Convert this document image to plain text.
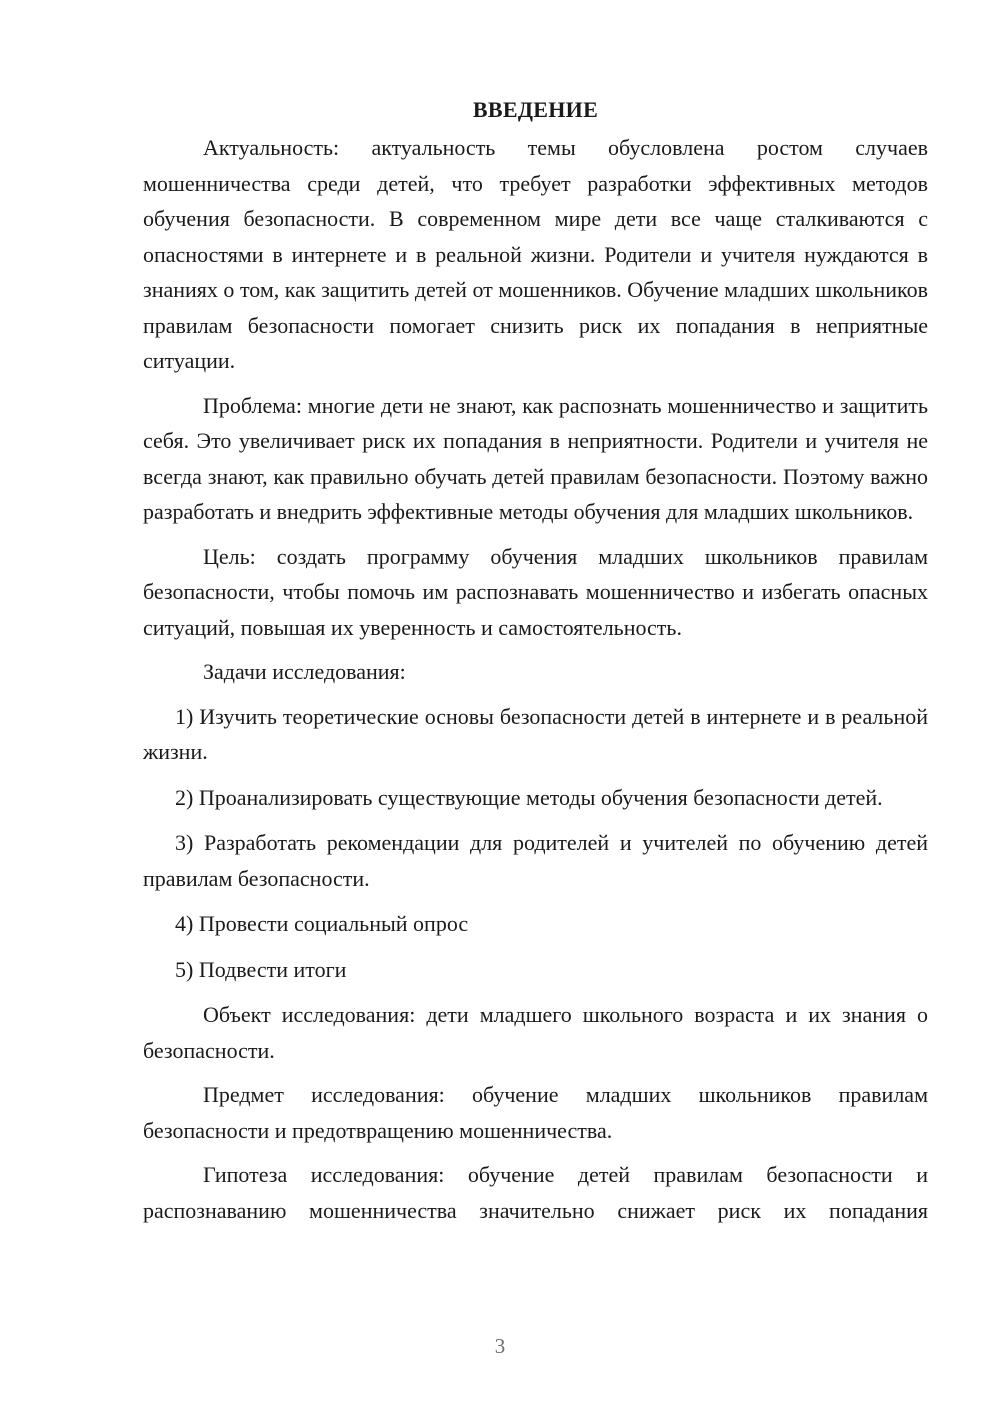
ВВЕДЕНИЕ

Актуальность: актуальность темы обусловлена ростом случаев мошенничества среди детей, что требует разработки эффективных методов обучения безопасности. В современном мире дети все чаще сталкиваются с опасностями в интернете и в реальной жизни. Родители и учителя нуждаются в знаниях о том, как защитить детей от мошенников. Обучение младших школьников правилам безопасности помогает снизить риск их попадания в неприятные ситуации.

Проблема: многие дети не знают, как распознать мошенничество и защитить себя. Это увеличивает риск их попадания в неприятности. Родители и учителя не всегда знают, как правильно обучать детей правилам безопасности. Поэтому важно разработать и внедрить эффективные методы обучения для младших школьников.

Цель: создать программу обучения младших школьников правилам безопасности, чтобы помочь им распознавать мошенничество и избегать опасных ситуаций, повышая их уверенность и самостоятельность.

Задачи исследования:

1) Изучить теоретические основы безопасности детей в интернете и в реальной жизни.

2) Проанализировать существующие методы обучения безопасности детей.

3) Разработать рекомендации для родителей и учителей по обучению детей правилам безопасности.

4) Провести социальный опрос

5) Подвести итоги

Объект исследования: дети младшего школьного возраста и их знания о безопасности.

Предмет исследования: обучение младших школьников правилам безопасности и предотвращению мошенничества.

Гипотеза исследования: обучение детей правилам безопасности и распознаванию мошенничества значительно снижает риск их попадания

3
